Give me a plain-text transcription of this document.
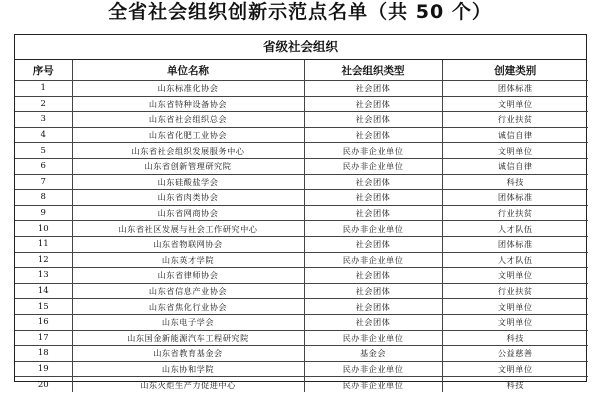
全省社会组织创新示范点名单（共 50 个）
省级社会组织
序号	单位名称	社会组织类型	创建类别
1	山东标准化协会	社会团体	团体标准
2	山东省特种设备协会	社会团体	文明单位
3	山东省社会组织总会	社会团体	行业扶贫
4	山东省化肥工业协会	社会团体	诚信自律
5	山东省社会组织发展服务中心	民办非企业单位	文明单位
6	山东省创新管理研究院	民办非企业单位	诚信自律
7	山东硅酸盐学会	社会团体	科技
8	山东省肉类协会	社会团体	团体标准
9	山东省网商协会	社会团体	行业扶贫
10	山东省社区发展与社会工作研究中心	民办非企业单位	人才队伍
11	山东省物联网协会	社会团体	团体标准
12	山东英才学院	民办非企业单位	人才队伍
13	山东省律师协会	社会团体	文明单位
14	山东省信息产业协会	社会团体	行业扶贫
15	山东省焦化行业协会	社会团体	文明单位
16	山东电子学会	社会团体	文明单位
17	山东国金新能源汽车工程研究院	民办非企业单位	科技
18	山东省教育基金会	基金会	公益慈善
19	山东协和学院	民办非企业单位	文明单位
20	山东火炬生产力促进中心	民办非企业单位	科技
